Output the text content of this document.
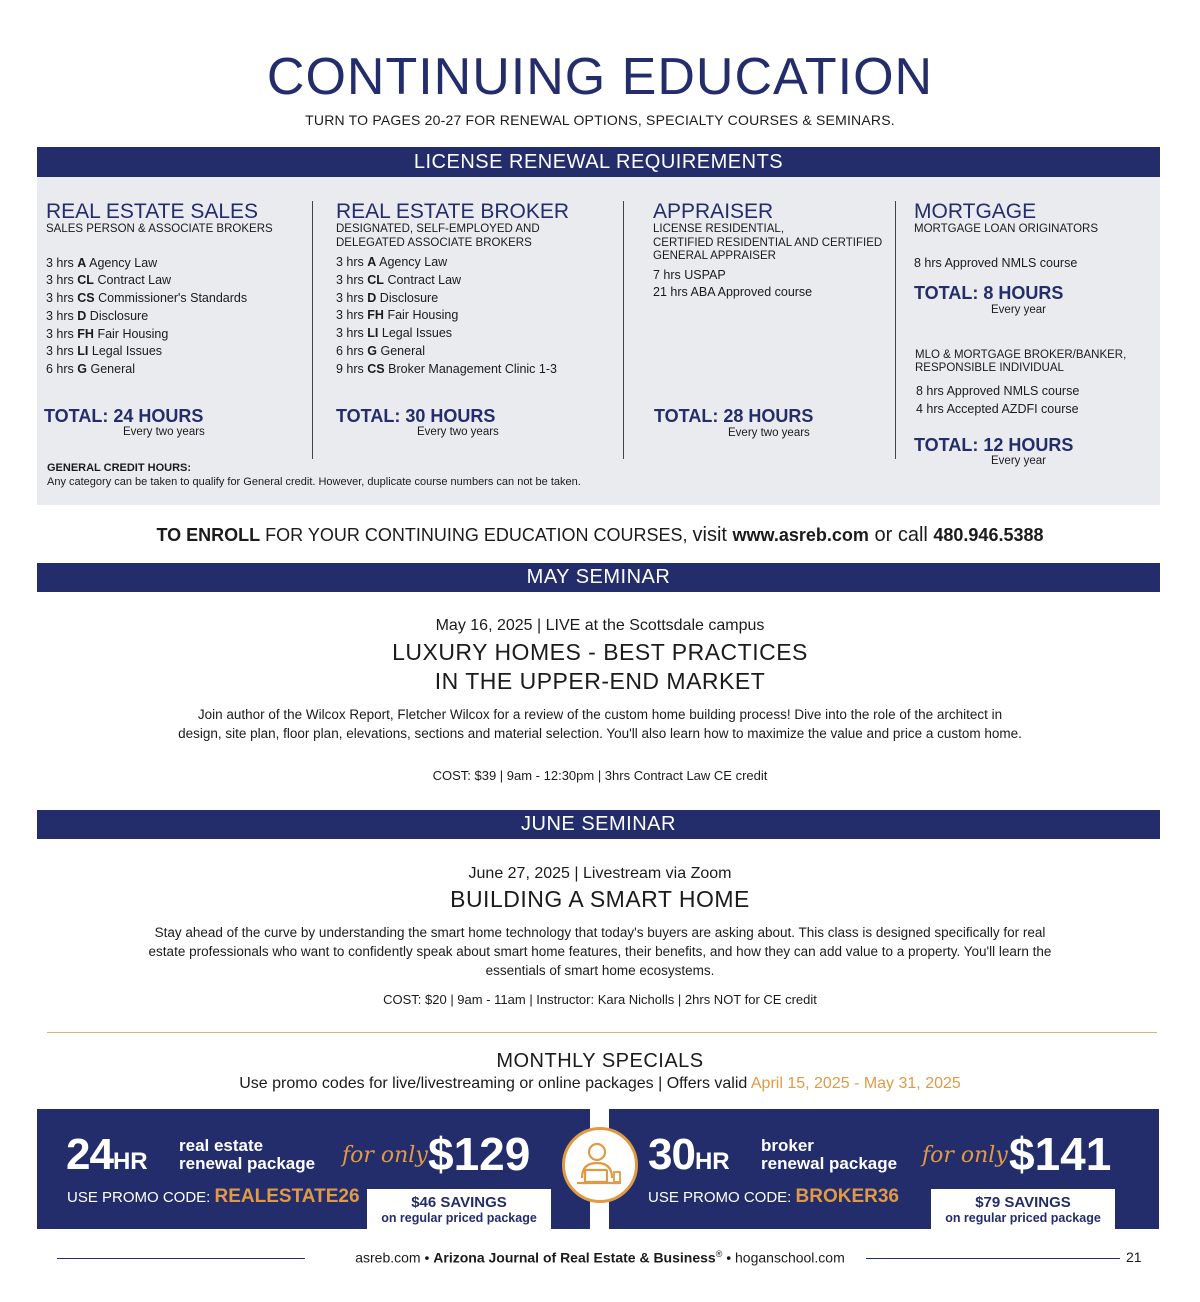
CONTINUING EDUCATION
TURN TO PAGES 20-27 FOR RENEWAL OPTIONS, SPECIALTY COURSES & SEMINARS.
LICENSE RENEWAL REQUIREMENTS
REAL ESTATE SALES
SALES PERSON & ASSOCIATE BROKERS
3 hrs A Agency Law
3 hrs CL Contract Law
3 hrs CS Commissioner's Standards
3 hrs D Disclosure
3 hrs FH Fair Housing
3 hrs LI Legal Issues
6 hrs G General
TOTAL: 24 HOURS
Every two years
REAL ESTATE BROKER
DESIGNATED, SELF-EMPLOYED AND
DELEGATED ASSOCIATE BROKERS
3 hrs A Agency Law
3 hrs CL Contract Law
3 hrs D Disclosure
3 hrs FH Fair Housing
3 hrs LI Legal Issues
6 hrs G General
9 hrs CS Broker Management Clinic 1-3
TOTAL: 30 HOURS
Every two years
APPRAISER
LICENSE RESIDENTIAL,
CERTIFIED RESIDENTIAL AND CERTIFIED
GENERAL APPRAISER
7 hrs USPAP
21 hrs ABA Approved course
TOTAL: 28 HOURS
Every two years
MORTGAGE
MORTGAGE LOAN ORIGINATORS
8 hrs Approved NMLS course
TOTAL: 8 HOURS
Every year
MLO & MORTGAGE BROKER/BANKER,
RESPONSIBLE INDIVIDUAL
8 hrs Approved NMLS course
4 hrs Accepted AZDFI course
TOTAL: 12 HOURS
Every year
GENERAL CREDIT HOURS:
Any category can be taken to qualify for General credit. However, duplicate course numbers can not be taken.
TO ENROLL FOR YOUR CONTINUING EDUCATION COURSES, visit www.asreb.com or call 480.946.5388
MAY SEMINAR
May 16, 2025 | LIVE at the Scottsdale campus
LUXURY HOMES - BEST PRACTICES
IN THE UPPER-END MARKET
Join author of the Wilcox Report, Fletcher Wilcox for a review of the custom home building process! Dive into the role of the architect in design, site plan, floor plan, elevations, sections and material selection. You'll also learn how to maximize the value and price a custom home.
COST: $39 | 9am - 12:30pm | 3hrs Contract Law CE credit
JUNE SEMINAR
June 27, 2025 | Livestream via Zoom
BUILDING A SMART HOME
Stay ahead of the curve by understanding the smart home technology that today's buyers are asking about. This class is designed specifically for real estate professionals who want to confidently speak about smart home features, their benefits, and how they can add value to a property. You'll learn the essentials of smart home ecosystems.
COST: $20 | 9am - 11am | Instructor: Kara Nicholls | 2hrs NOT for CE credit
MONTHLY SPECIALS
Use promo codes for live/livestreaming or online packages | Offers valid April 15, 2025 - May 31, 2025
24HR
real estate
renewal package for only $129
USE PROMO CODE: REALESTATE26	$46 SAVINGS
on regular priced package
30HR
broker
renewal package for only $141
USE PROMO CODE: BROKER36	$79 SAVINGS
on regular priced package
asreb.com • Arizona Journal of Real Estate & Business® • hoganschool.com	21
